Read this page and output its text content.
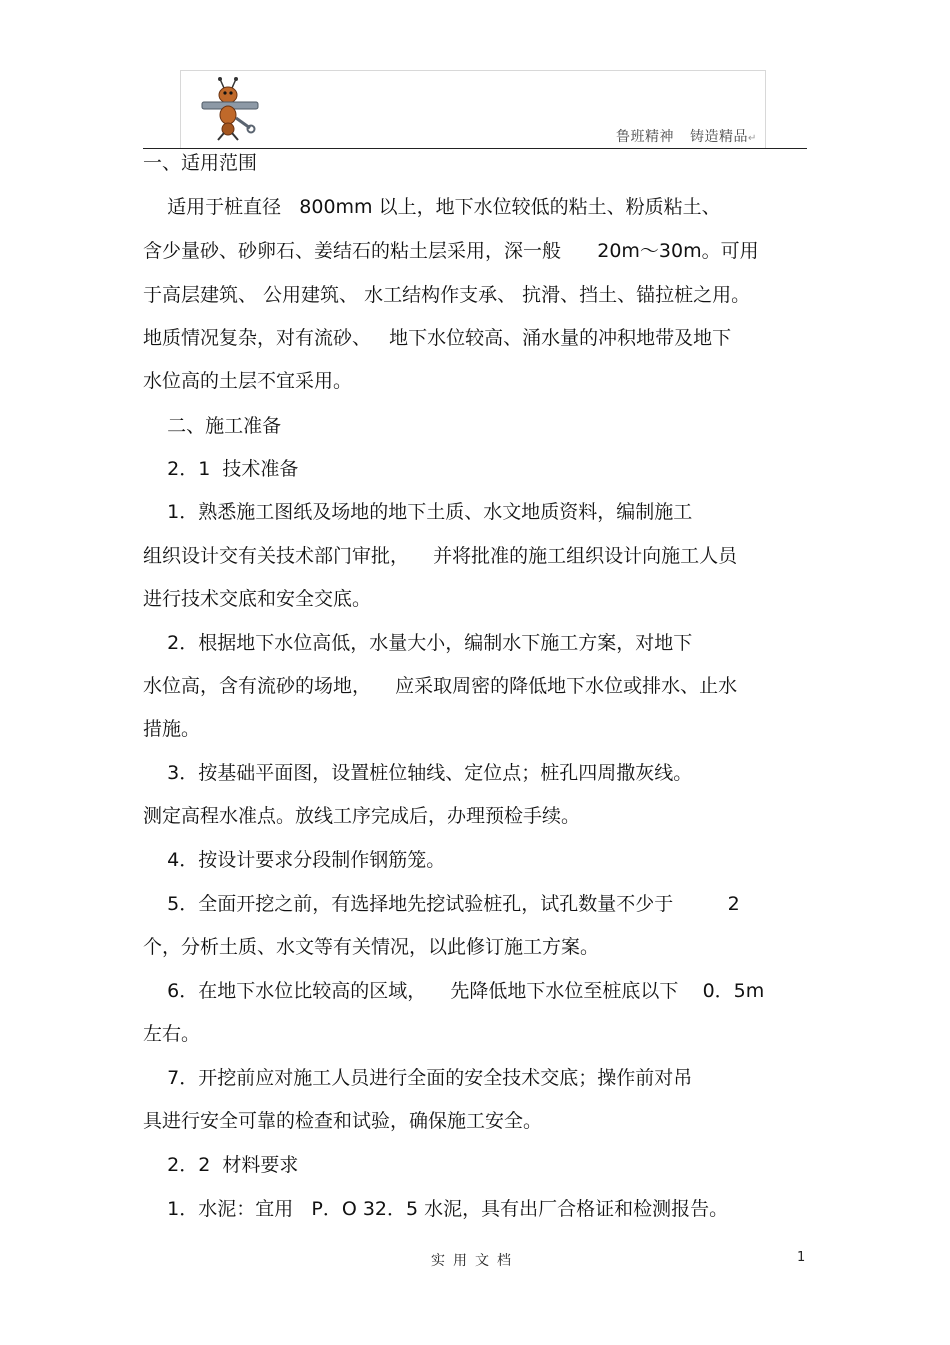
鲁班精神 铸造精品↵
一、适用范围
适用于桩直径   800mm 以上，地下水位较低的粘土、粉质粘土、
含少量砂、砂卵石、姜结石的粘土层采用，深一般      20m～30m。可用
于高层建筑、 公用建筑、 水工结构作支承、 抗滑、挡土、锚拉桩之用。
地质情况复杂，对有流砂、   地下水位较高、涌水量的冲积地带及地下
水位高的土层不宜采用。
二、施工准备
2．1  技术准备
1．熟悉施工图纸及场地的地下土质、水文地质资料，编制施工
组织设计交有关技术部门审批，    并将批准的施工组织设计向施工人员
进行技术交底和安全交底。
2．根据地下水位高低，水量大小，编制水下施工方案，对地下
水位高，含有流砂的场地，    应采取周密的降低地下水位或排水、止水
措施。
3．按基础平面图，设置桩位轴线、定位点；桩孔四周撒灰线。
测定高程水准点。放线工序完成后，办理预检手续。
4．按设计要求分段制作钢筋笼。
5．全面开挖之前，有选择地先挖试验桩孔，试孔数量不少于         2
个，分析土质、水文等有关情况，以此修订施工方案。
6．在地下水位比较高的区域，    先降低地下水位至桩底以下    0．5m
左右。
7．开挖前应对施工人员进行全面的安全技术交底；操作前对吊
具进行安全可靠的检查和试验，确保施工安全。
2．2  材料要求
1．水泥：宜用   P．O 32．5 水泥，具有出厂合格证和检测报告。
实用文档	1
